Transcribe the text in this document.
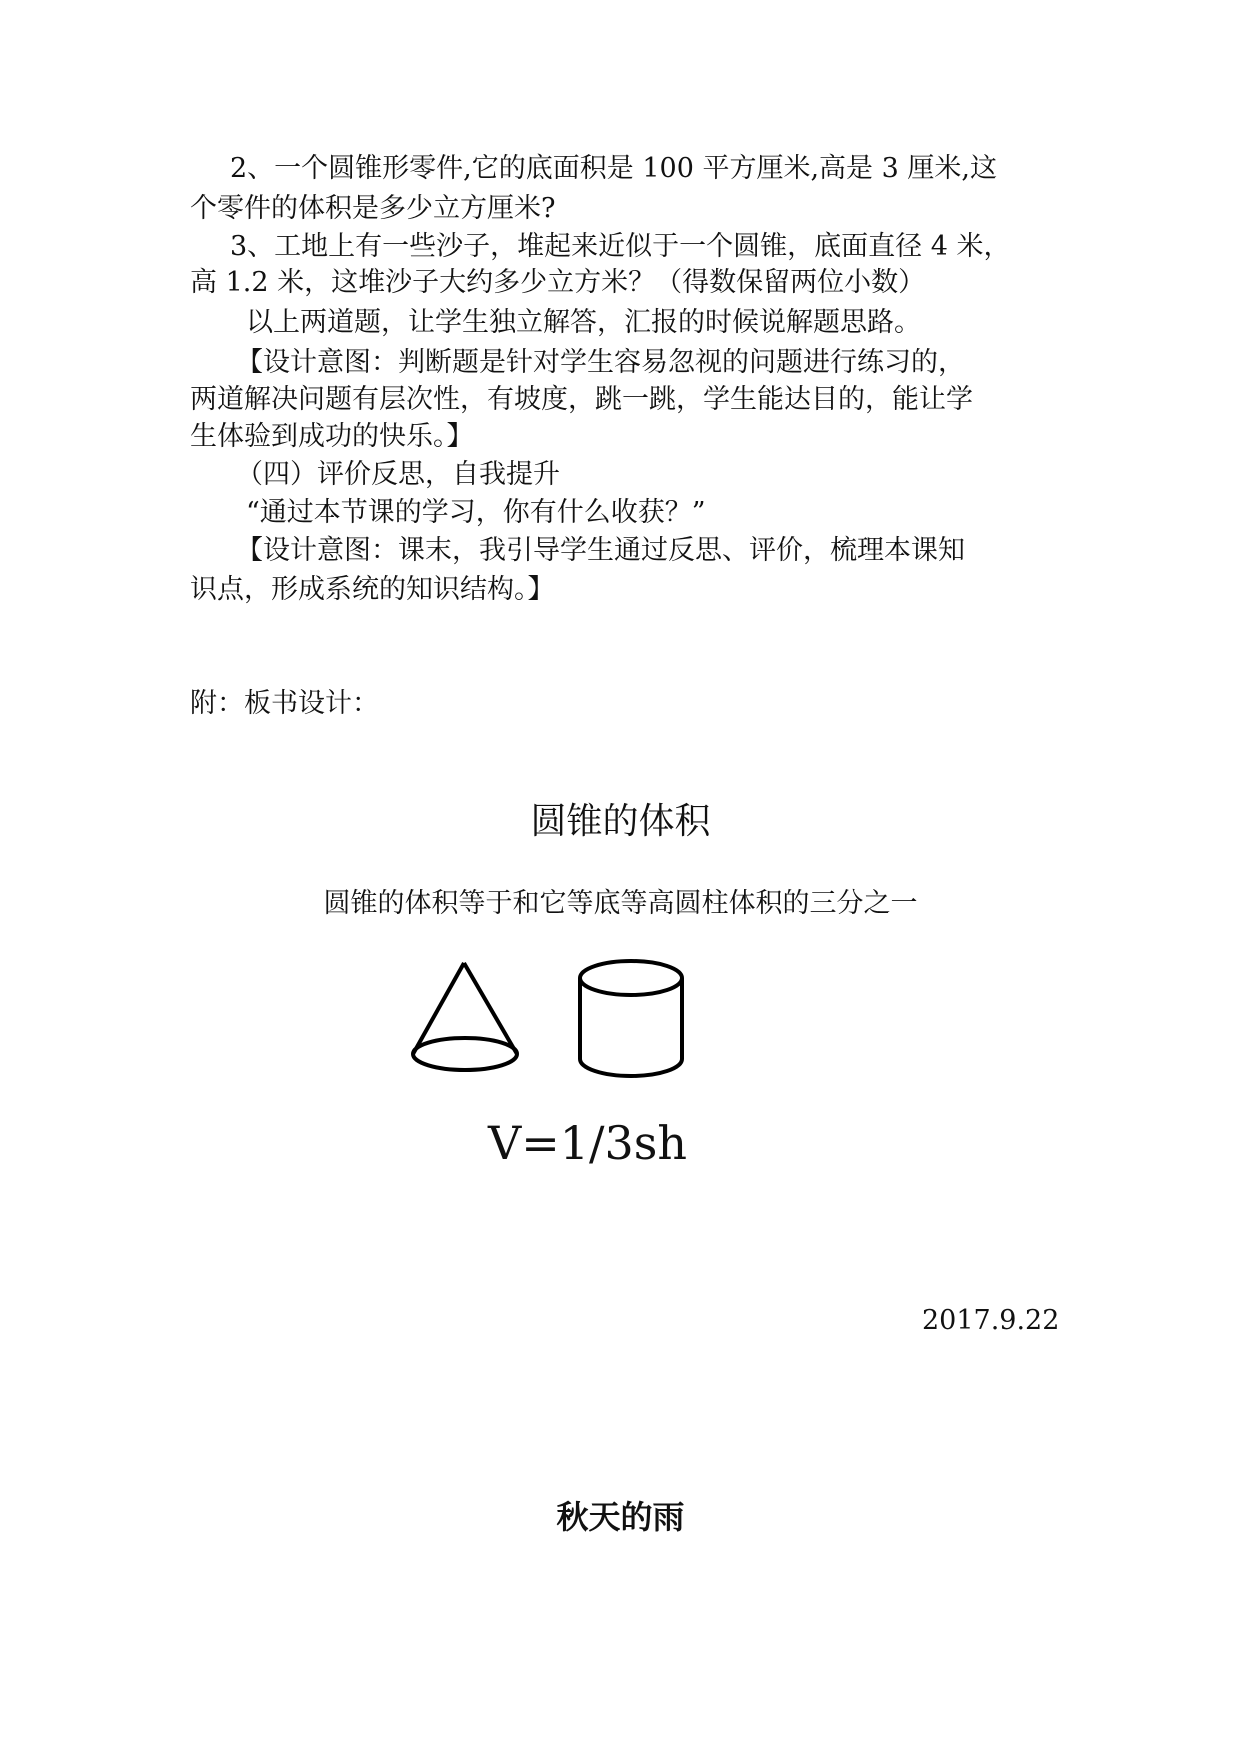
2、一个圆锥形零件,它的底面积是 100 平方厘米,高是 3 厘米,这
个零件的体积是多少立方厘米?
3、工地上有一些沙子，堆起来近似于一个圆锥，底面直径 4 米，
高 1.2 米，这堆沙子大约多少立方米？（得数保留两位小数）
以上两道题，让学生独立解答，汇报的时候说解题思路。
【设计意图：判断题是针对学生容易忽视的问题进行练习的，
两道解决问题有层次性，有坡度，跳一跳，学生能达目的，能让学
生体验到成功的快乐。】
（四）评价反思，自我提升
“通过本节课的学习，你有什么收获？”
【设计意图：课末，我引导学生通过反思、评价，梳理本课知
识点，形成系统的知识结构。】
附：板书设计：
圆锥的体积
圆锥的体积等于和它等底等高圆柱体积的三分之一
V=1/3sh
2017.9.22
秋天的雨
